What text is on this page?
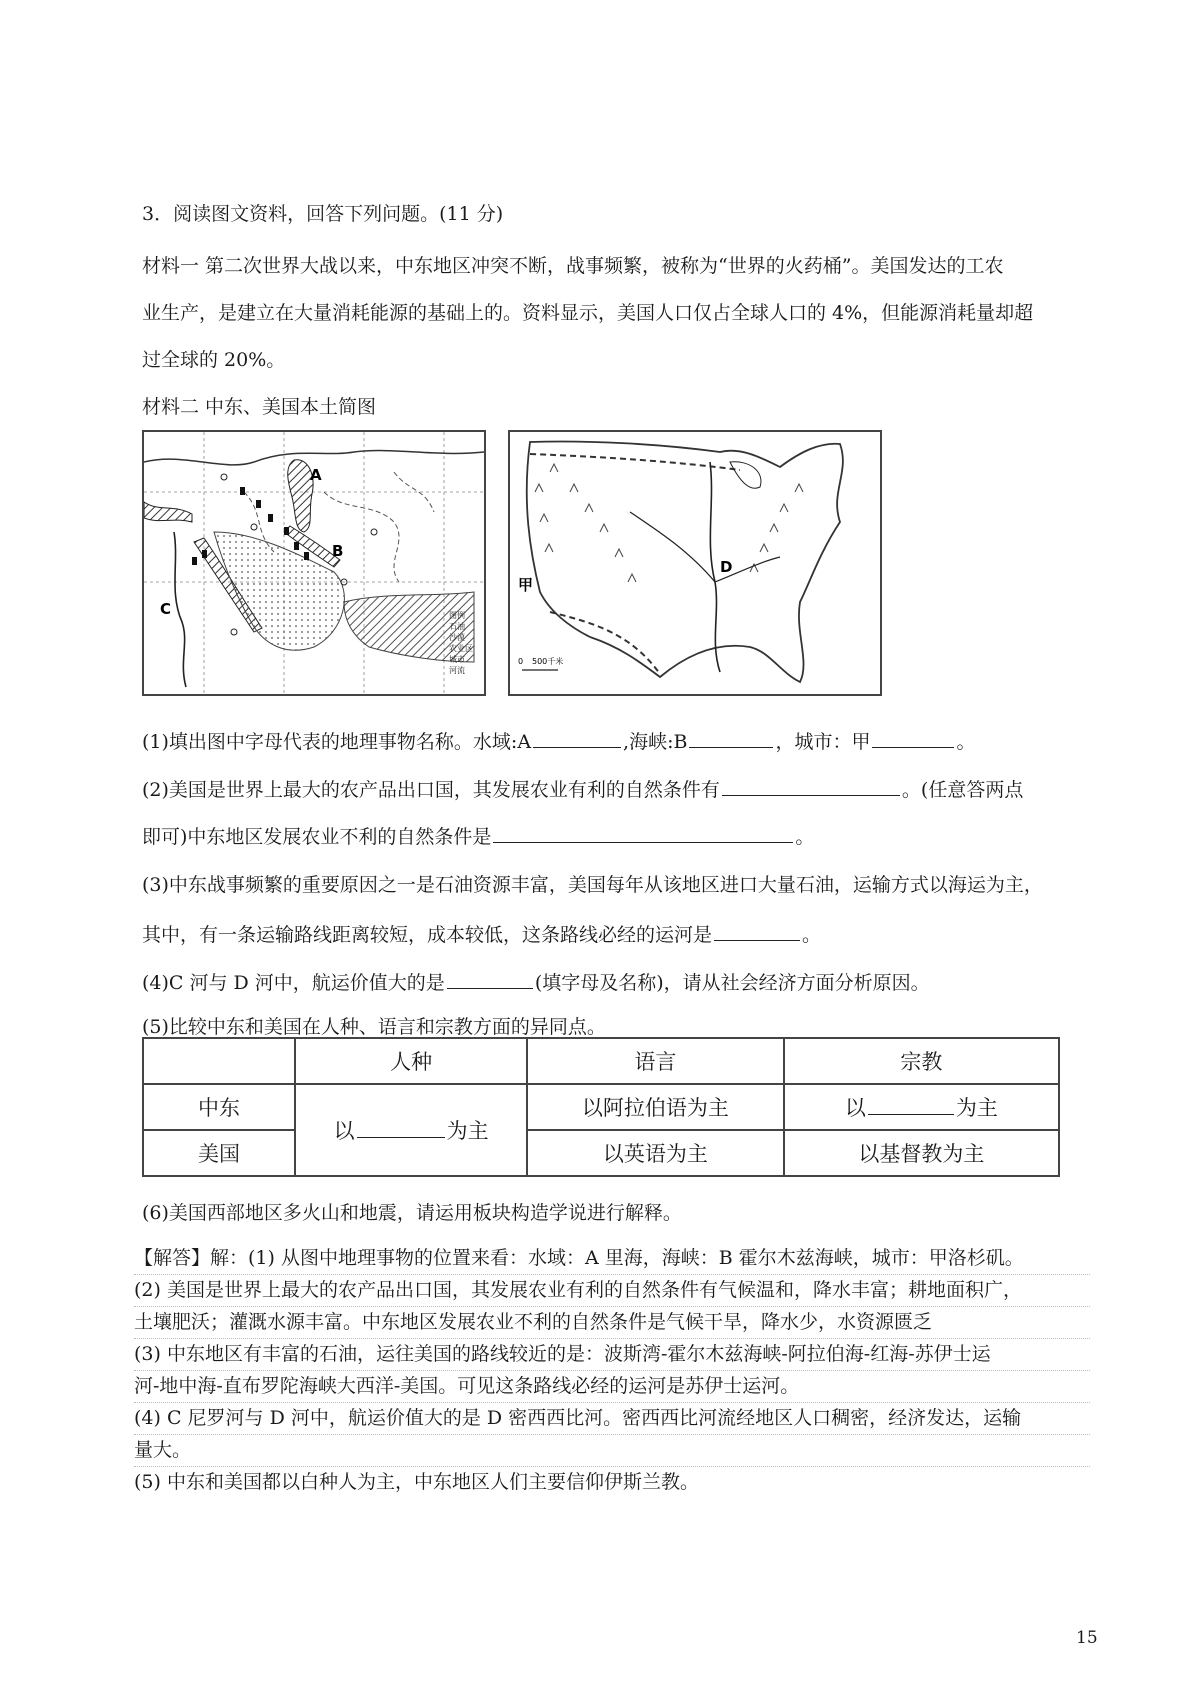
3．阅读图文资料，回答下列问题。(11 分)
材料一 第二次世界大战以来，中东地区冲突不断，战事频繁，被称为“世界的火药桶”。美国发达的工农
业生产，是建立在大量消耗能源的基础上的。资料显示，美国人口仅占全球人口的 4%，但能源消耗量却超
过全球的 20%。
材料二 中东、美国本土简图
A
B
C	图例
石油
沙漠
农业区
城市
河流
D
甲
0 500千米
(1)填出图中字母代表的地理事物名称。水域:A	,海峡:B	，城市：甲	。
(2)美国是世界上最大的农产品出口国，其发展农业有利的自然条件有	。(任意答两点
即可)中东地区发展农业不利的自然条件是	。
(3)中东战事频繁的重要原因之一是石油资源丰富，美国每年从该地区进口大量石油，运输方式以海运为主，
其中，有一条运输路线距离较短，成本较低，这条路线必经的运河是	。
(4)C 河与 D 河中，航运价值大的是	(填字母及名称)，请从社会经济方面分析原因。
(5)比较中东和美国在人种、语言和宗教方面的异同点。
	人种	语言	宗教
中东	以 为主	以阿拉伯语为主	以 为主
美国		以英语为主	以基督教为主
(6)美国西部地区多火山和地震，请运用板块构造学说进行解释。
【解答】解：(1) 从图中地理事物的位置来看：水域：A 里海，海峡：B 霍尔木兹海峡，城市：甲洛杉矶。
(2) 美国是世界上最大的农产品出口国，其发展农业有利的自然条件有气候温和，降水丰富；耕地面积广，
土壤肥沃；灌溉水源丰富。中东地区发展农业不利的自然条件是气候干旱，降水少，水资源匮乏
(3) 中东地区有丰富的石油，运往美国的路线较近的是：波斯湾-霍尔木兹海峡-阿拉伯海-红海-苏伊士运
河-地中海-直布罗陀海峡大西洋-美国。可见这条路线必经的运河是苏伊士运河。
(4) C 尼罗河与 D 河中，航运价值大的是 D 密西西比河。密西西比河流经地区人口稠密，经济发达，运输
量大。
(5) 中东和美国都以白种人为主，中东地区人们主要信仰伊斯兰教。
15
